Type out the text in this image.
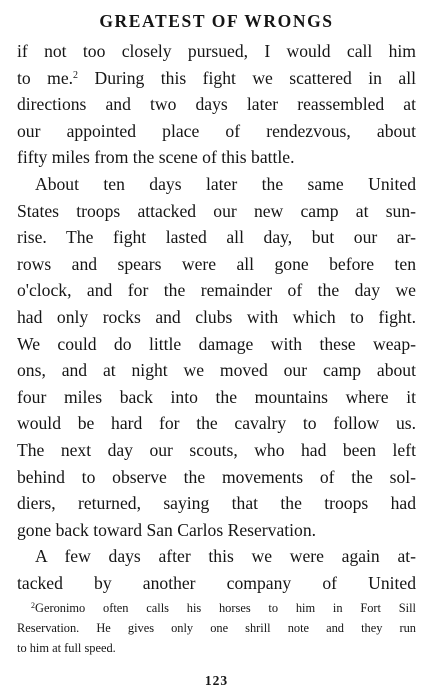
GREATEST OF WRONGS
if not too closely pursued, I would call him
to me.$^2$ During this fight we scattered in all
directions and two days later reassembled at
our appointed place of rendezvous, about
fifty miles from the scene of this battle.
About ten days later the same United
States troops attacked our new camp at sun-
rise. The fight lasted all day, but our ar-
rows and spears were all gone before ten
o'clock, and for the remainder of the day we
had only rocks and clubs with which to fight.
We could do little damage with these weap-
ons, and at night we moved our camp about
four miles back into the mountains where it
would be hard for the cavalry to follow us.
The next day our scouts, who had been left
behind to observe the movements of the sol-
diers, returned, saying that the troops had
gone back toward San Carlos Reservation.
A few days after this we were again at-
tacked by another company of United
$^2$Geronimo often calls his horses to him in Fort Sill
Reservation. He gives only one shrill note and they run
to him at full speed.
123
